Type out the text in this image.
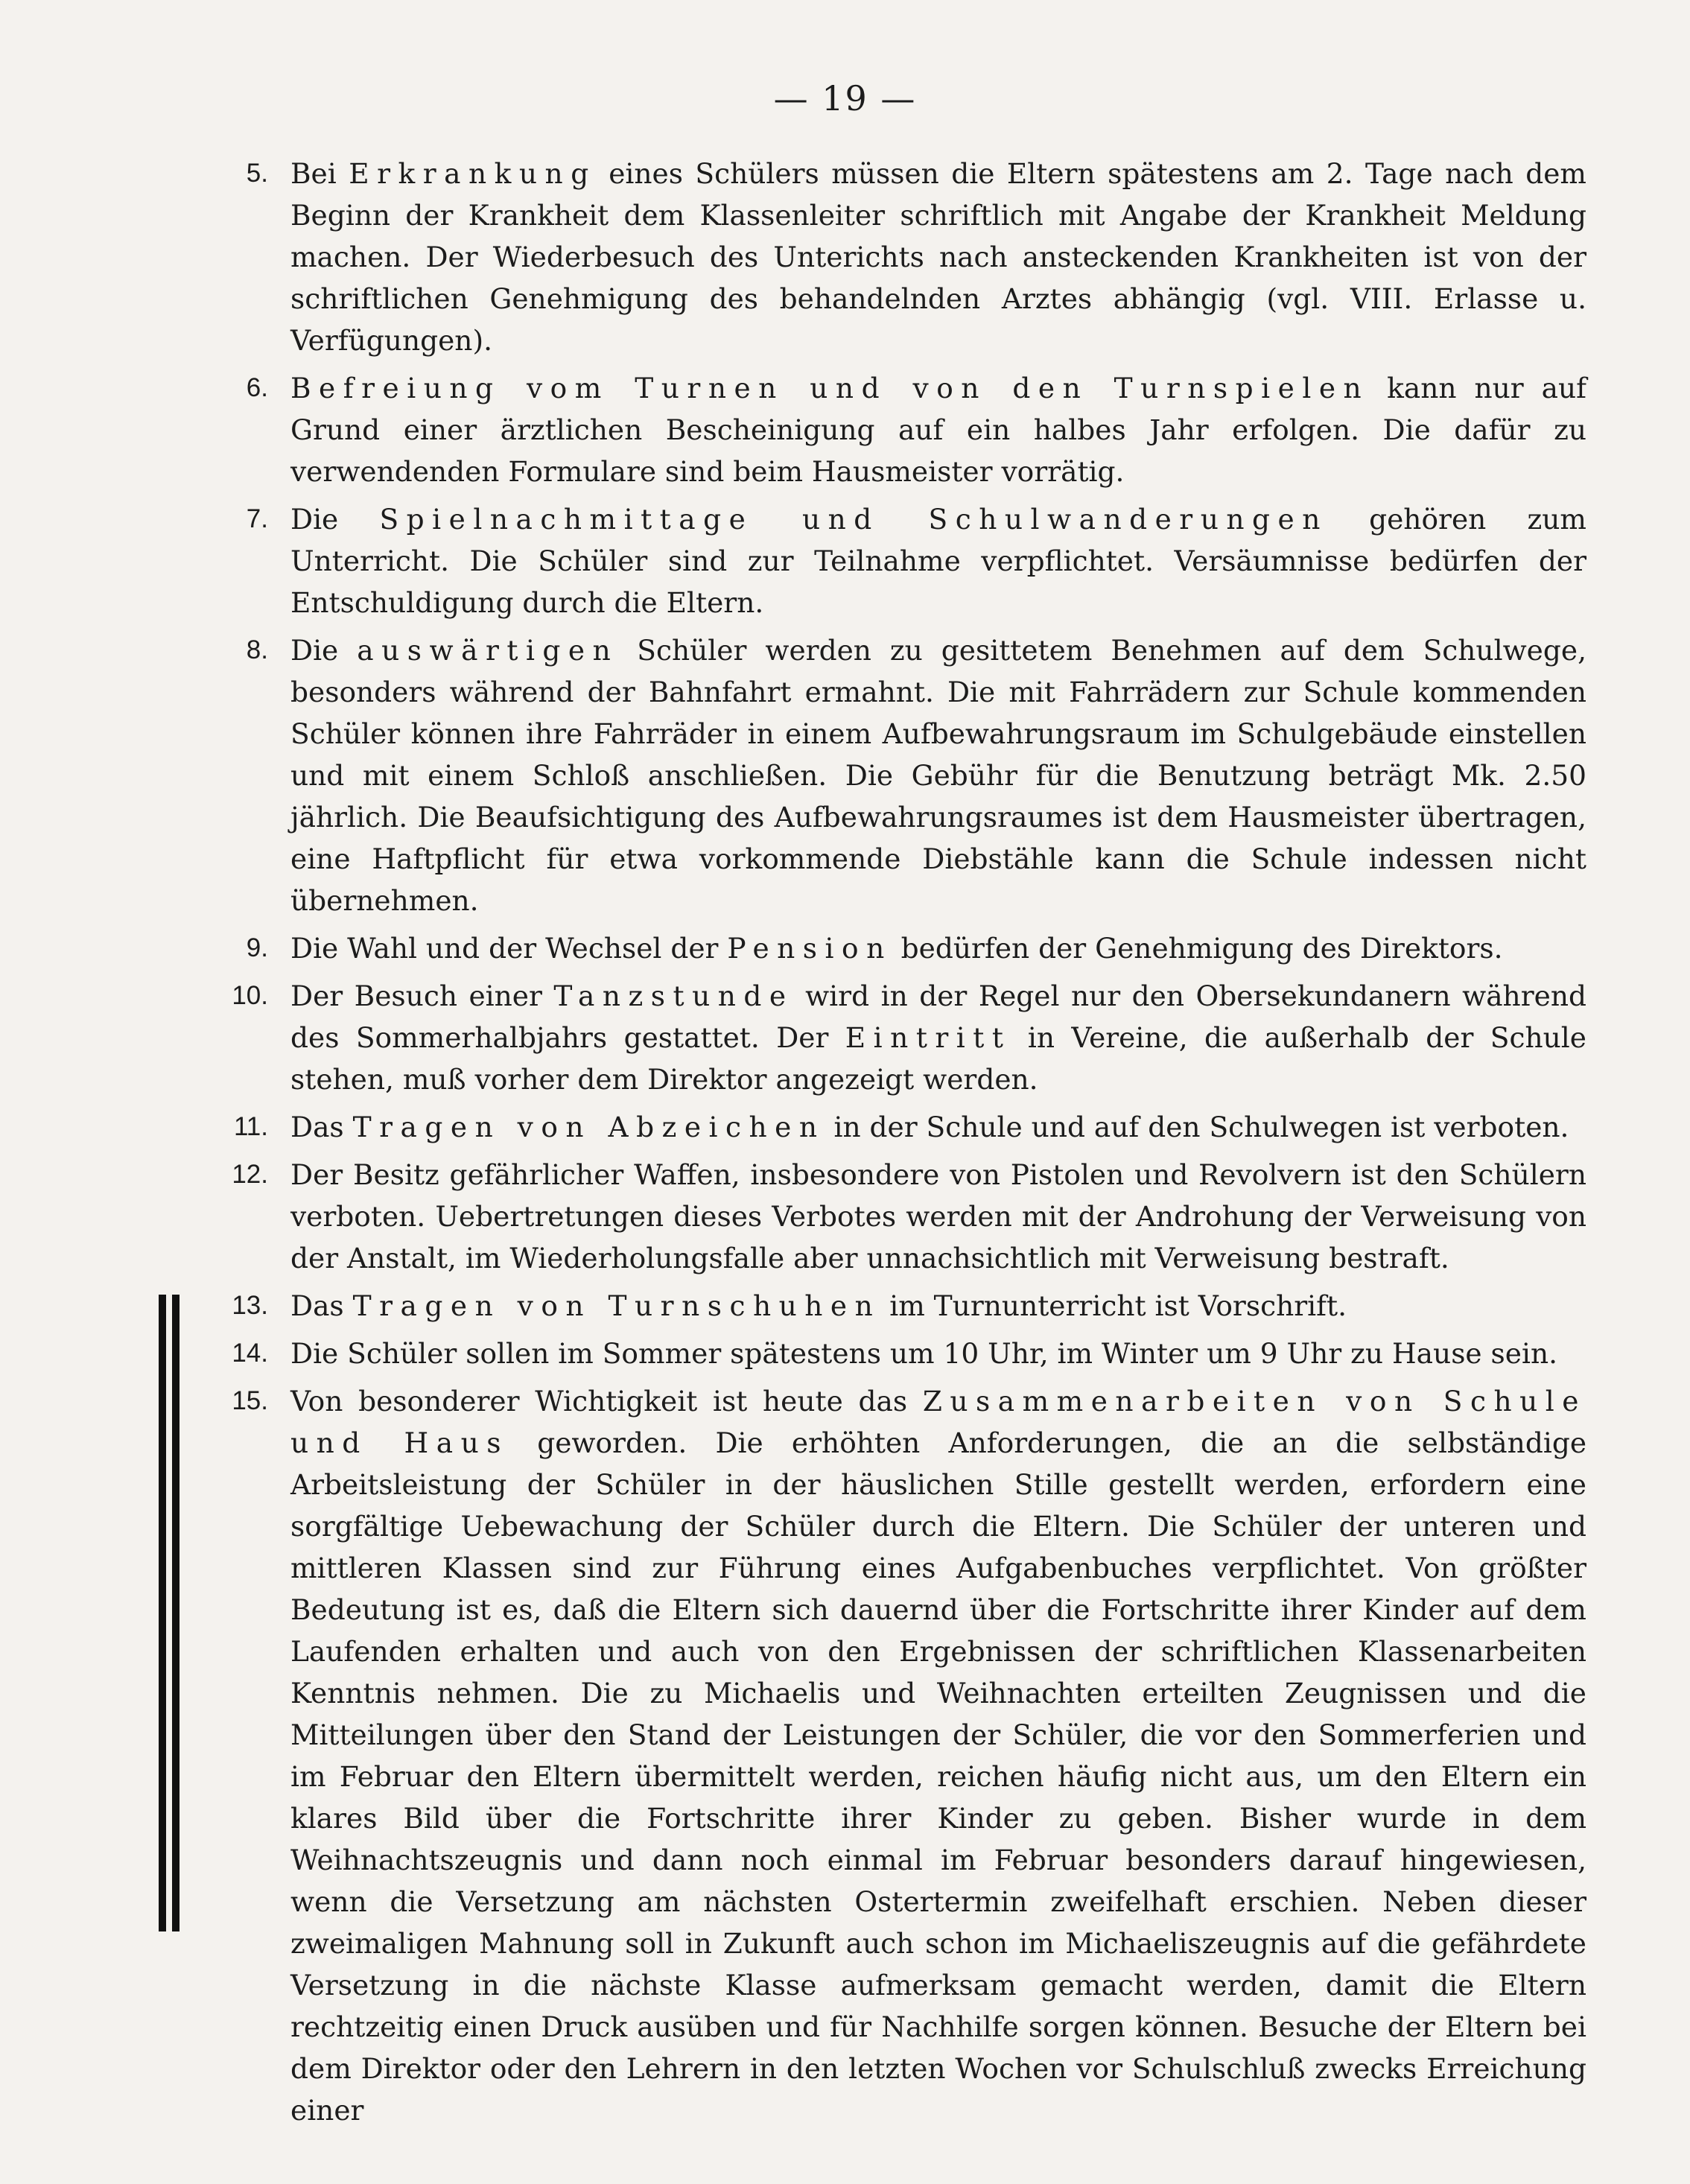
— 19 —
5. Bei Erkrankung eines Schülers müssen die Eltern spätestens am 2. Tage nach dem Beginn der Krankheit dem Klassenleiter schriftlich mit Angabe der Krankheit Meldung machen. Der Wiederbesuch des Unterichts nach ansteckenden Krankheiten ist von der schriftlichen Genehmigung des behandelnden Arztes abhängig (vgl. VIII. Erlasse u. Verfügungen).

6. Befreiung vom Turnen und von den Turnspielen kann nur auf Grund einer ärztlichen Bescheinigung auf ein halbes Jahr erfolgen. Die dafür zu verwendenden Formulare sind beim Hausmeister vorrätig.

7. Die Spielnachmittage und Schulwanderungen gehören zum Unterricht. Die Schüler sind zur Teilnahme verpflichtet. Versäumnisse bedürfen der Entschuldigung durch die Eltern.

8. Die auswärtigen Schüler werden zu gesittetem Benehmen auf dem Schulwege, besonders während der Bahnfahrt ermahnt. Die mit Fahrrädern zur Schule kommenden Schüler können ihre Fahrräder in einem Aufbewahrungsraum im Schulgebäude einstellen und mit einem Schloß anschließen. Die Gebühr für die Benutzung beträgt Mk. 2.50 jährlich. Die Beaufsichtigung des Aufbewahrungsraumes ist dem Hausmeister übertragen, eine Haftpflicht für etwa vorkommende Diebstähle kann die Schule indessen nicht übernehmen.

9. Die Wahl und der Wechsel der Pension bedürfen der Genehmigung des Direktors.

10. Der Besuch einer Tanzstunde wird in der Regel nur den Obersekundanern während des Sommerhalbjahrs gestattet. Der Eintritt in Vereine, die außerhalb der Schule stehen, muß vorher dem Direktor angezeigt werden.

11. Das Tragen von Abzeichen in der Schule und auf den Schulwegen ist verboten.

12. Der Besitz gefährlicher Waffen, insbesondere von Pistolen und Revolvern ist den Schülern verboten. Uebertretungen dieses Verbotes werden mit der Androhung der Verweisung von der Anstalt, im Wiederholungsfalle aber unnachsichtlich mit Verweisung bestraft.

13. Das Tragen von Turnschuhen im Turnunterricht ist Vorschrift.

14. Die Schüler sollen im Sommer spätestens um 10 Uhr, im Winter um 9 Uhr zu Hause sein.

15. Von besonderer Wichtigkeit ist heute das Zusammenarbeiten von Schule und Haus geworden. Die erhöhten Anforderungen, die an die selbständige Arbeitsleistung der Schüler in der häuslichen Stille gestellt werden, erfordern eine sorgfältige Uebewachung der Schüler durch die Eltern. Die Schüler der unteren und mittleren Klassen sind zur Führung eines Aufgabenbuches verpflichtet. Von größter Bedeutung ist es, daß die Eltern sich dauernd über die Fortschritte ihrer Kinder auf dem Laufenden erhalten und auch von den Ergebnissen der schriftlichen Klassenarbeiten Kenntnis nehmen. Die zu Michaelis und Weihnachten erteilten Zeugnissen und die Mitteilungen über den Stand der Leistungen der Schüler, die vor den Sommerferien und im Februar den Eltern übermittelt werden, reichen häufig nicht aus, um den Eltern ein klares Bild über die Fortschritte ihrer Kinder zu geben. Bisher wurde in dem Weihnachtszeugnis und dann noch einmal im Februar besonders darauf hingewiesen, wenn die Versetzung am nächsten Ostertermin zweifelhaft erschien. Neben dieser zweimaligen Mahnung soll in Zukunft auch schon im Michaeliszeugnis auf die gefährdete Versetzung in die nächste Klasse aufmerksam gemacht werden, damit die Eltern rechtzeitig einen Druck ausüben und für Nachhilfe sorgen können. Besuche der Eltern bei dem Direktor oder den Lehrern in den letzten Wochen vor Schulschluß zwecks Erreichung einer
